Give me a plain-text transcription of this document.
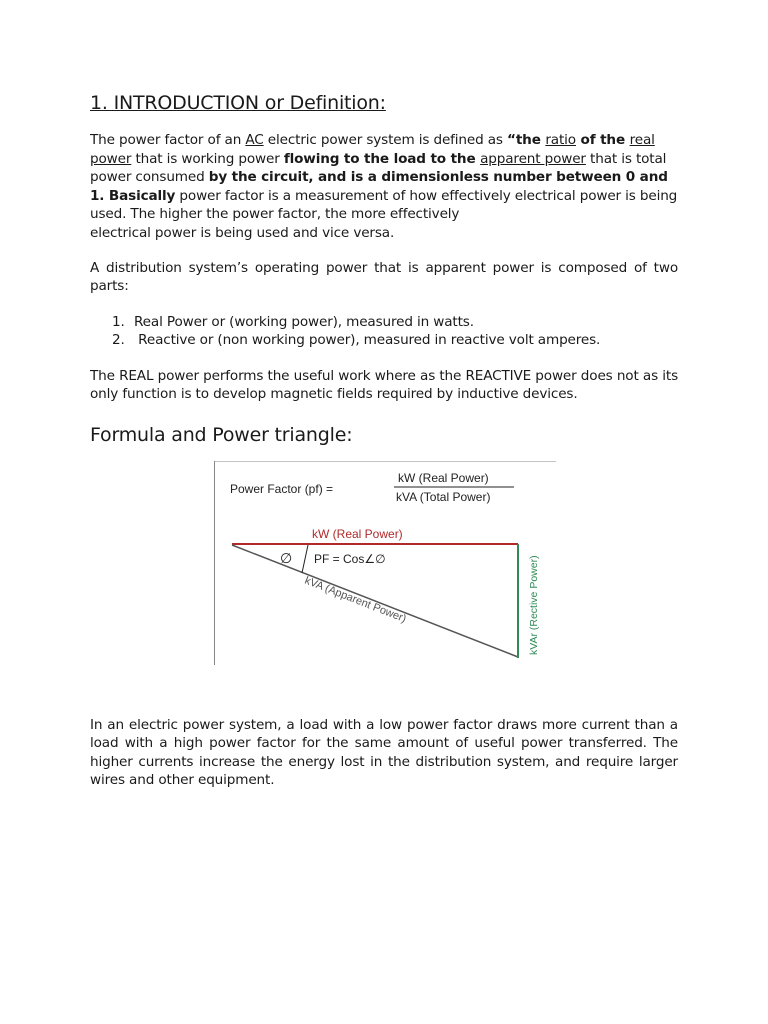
1. INTRODUCTION or Definition:
The power factor of an AC electric power system is defined as “the ratio of the real
power that is working power flowing to the load to the apparent power that is total
power consumed by the circuit, and is a dimensionless number between 0 and
1. Basically power factor is a measurement of how effectively electrical power is being
used. The higher the power factor, the more effectively
electrical power is being used and vice versa.
A distribution system’s operating power that is apparent power is composed of two parts:
1. Real Power or (working power), measured in watts.
2. Reactive or (non working power), measured in reactive volt amperes.
The REAL power performs the useful work where as the REACTIVE power does not as its only function is to develop magnetic fields required by inductive devices.
Formula and Power triangle:
Power Factor (pf) =
kW (Real Power)
kVA (Total Power)
kW (Real Power)
∅ PF = Cos∠∅
kVA (Apparent Power)	kVAr (Rective Power)
In an electric power system, a load with a low power factor draws more current than a load with a high power factor for the same amount of useful power transferred. The higher currents increase the energy lost in the distribution system, and require larger wires and other equipment.
